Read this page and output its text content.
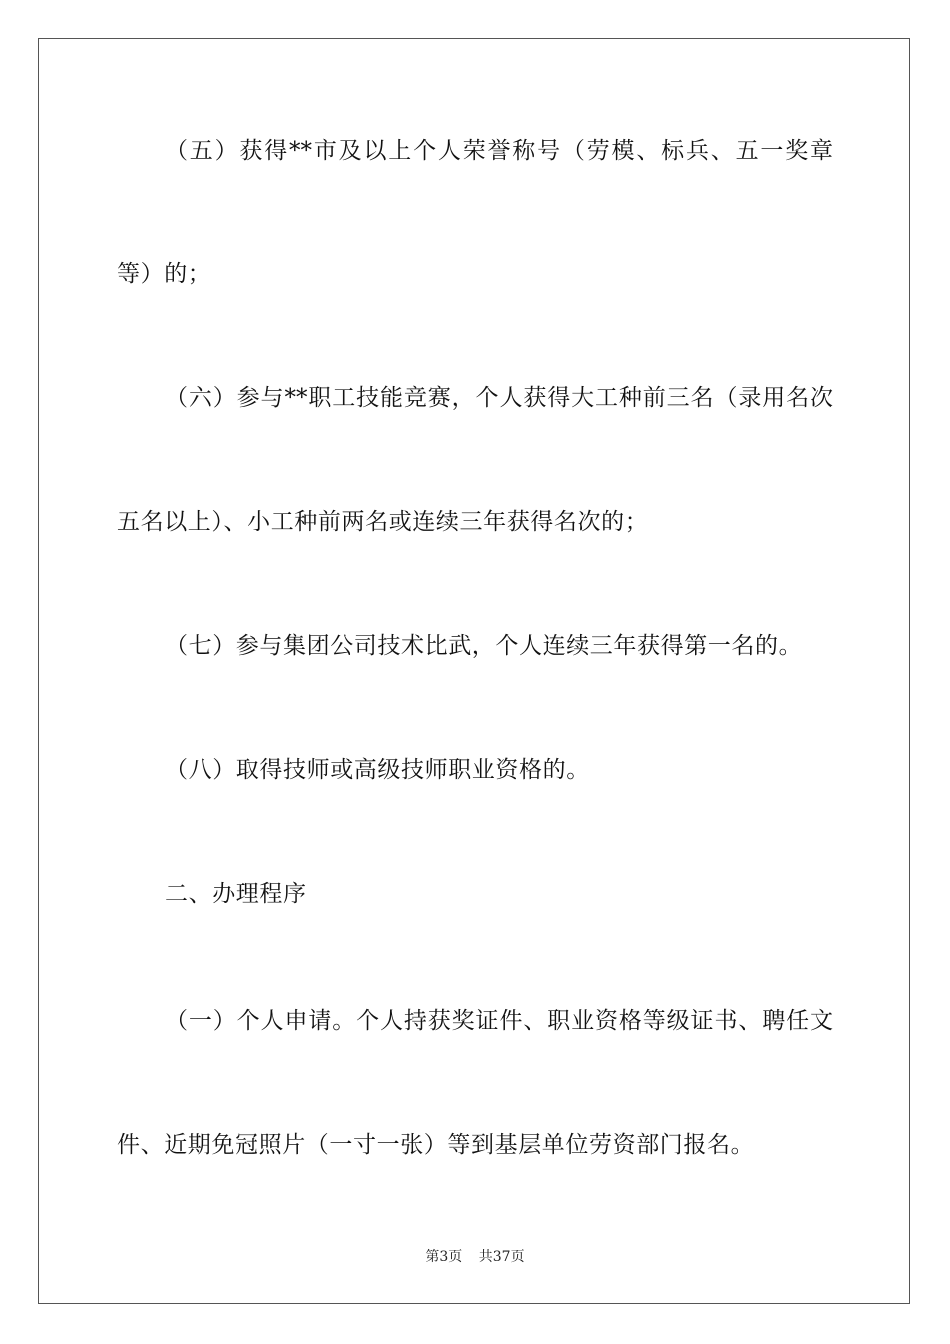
（五）获得**市及以上个人荣誉称号（劳模、标兵、五一奖章
等）的；
（六）参与**职工技能竞赛，个人获得大工种前三名（录用名次
五名以上）、小工种前两名或连续三年获得名次的；
（七）参与集团公司技术比武，个人连续三年获得第一名的。
（八）取得技师或高级技师职业资格的。
二、办理程序
（一）个人申请。个人持获奖证件、职业资格等级证书、聘任文
件、近期免冠照片（一寸一张）等到基层单位劳资部门报名。
第3页 共37页
